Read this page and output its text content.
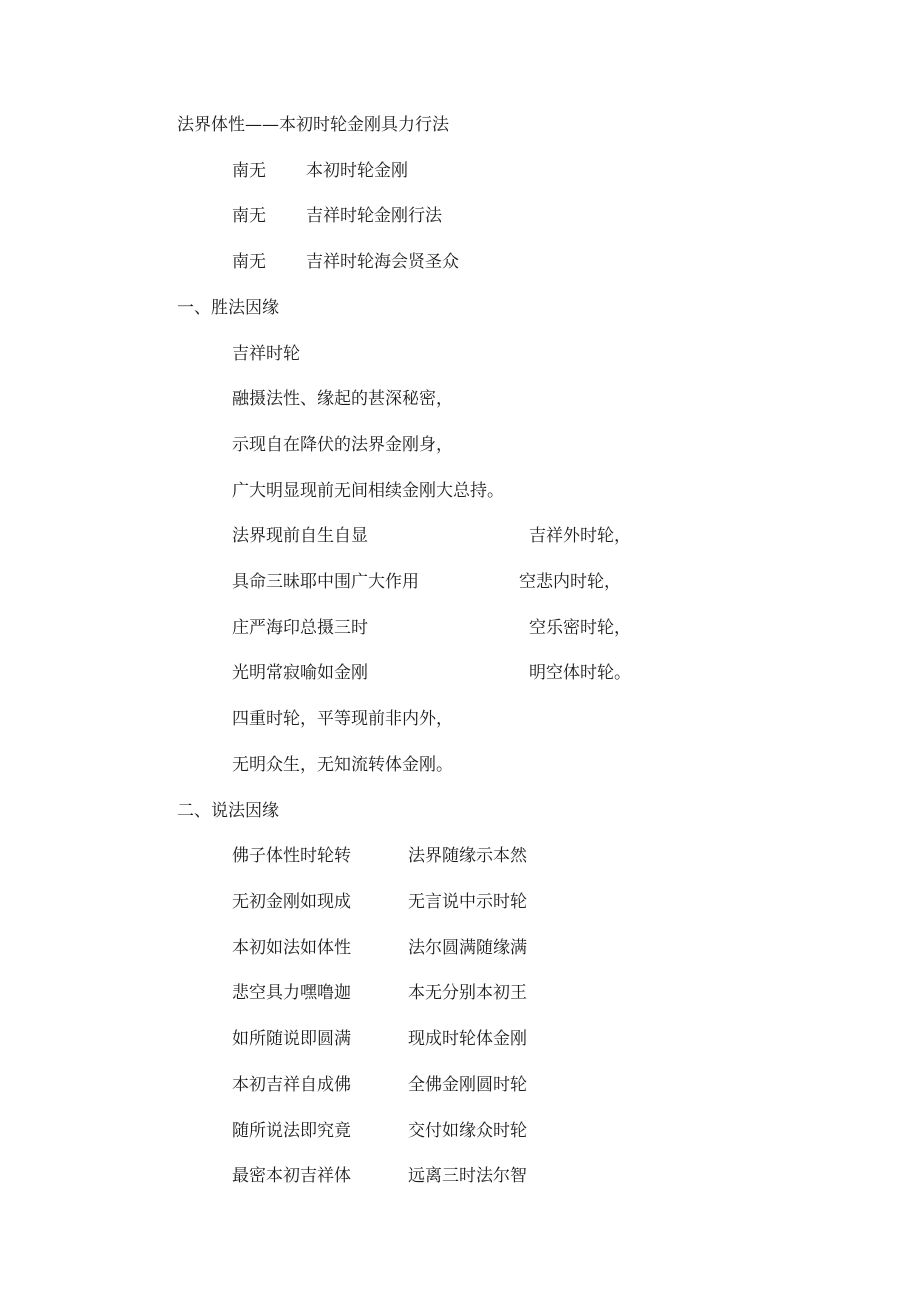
法界体性——本初时轮金刚具力行法
南无 本初时轮金刚
南无 吉祥时轮金刚行法
南无 吉祥时轮海会贤圣众
一、胜法因缘
吉祥时轮
融摄法性、缘起的甚深秘密，
示现自在降伏的法界金刚身，
广大明显现前无间相续金刚大总持。
法界现前自生自显	吉祥外时轮，
具命三昧耶中围广大作用	空悲内时轮，
庄严海印总摄三时	空乐密时轮，
光明常寂喻如金刚	明空体时轮。
四重时轮，平等现前非内外，
无明众生，无知流转体金刚。
二、说法因缘
佛子体性时轮转	法界随缘示本然
无初金刚如现成	无言说中示时轮
本初如法如体性	法尔圆满随缘满
悲空具力嘿噜迦	本无分别本初王
如所随说即圆满	现成时轮体金刚
本初吉祥自成佛	全佛金刚圆时轮
随所说法即究竟	交付如缘众时轮
最密本初吉祥体	远离三时法尔智
